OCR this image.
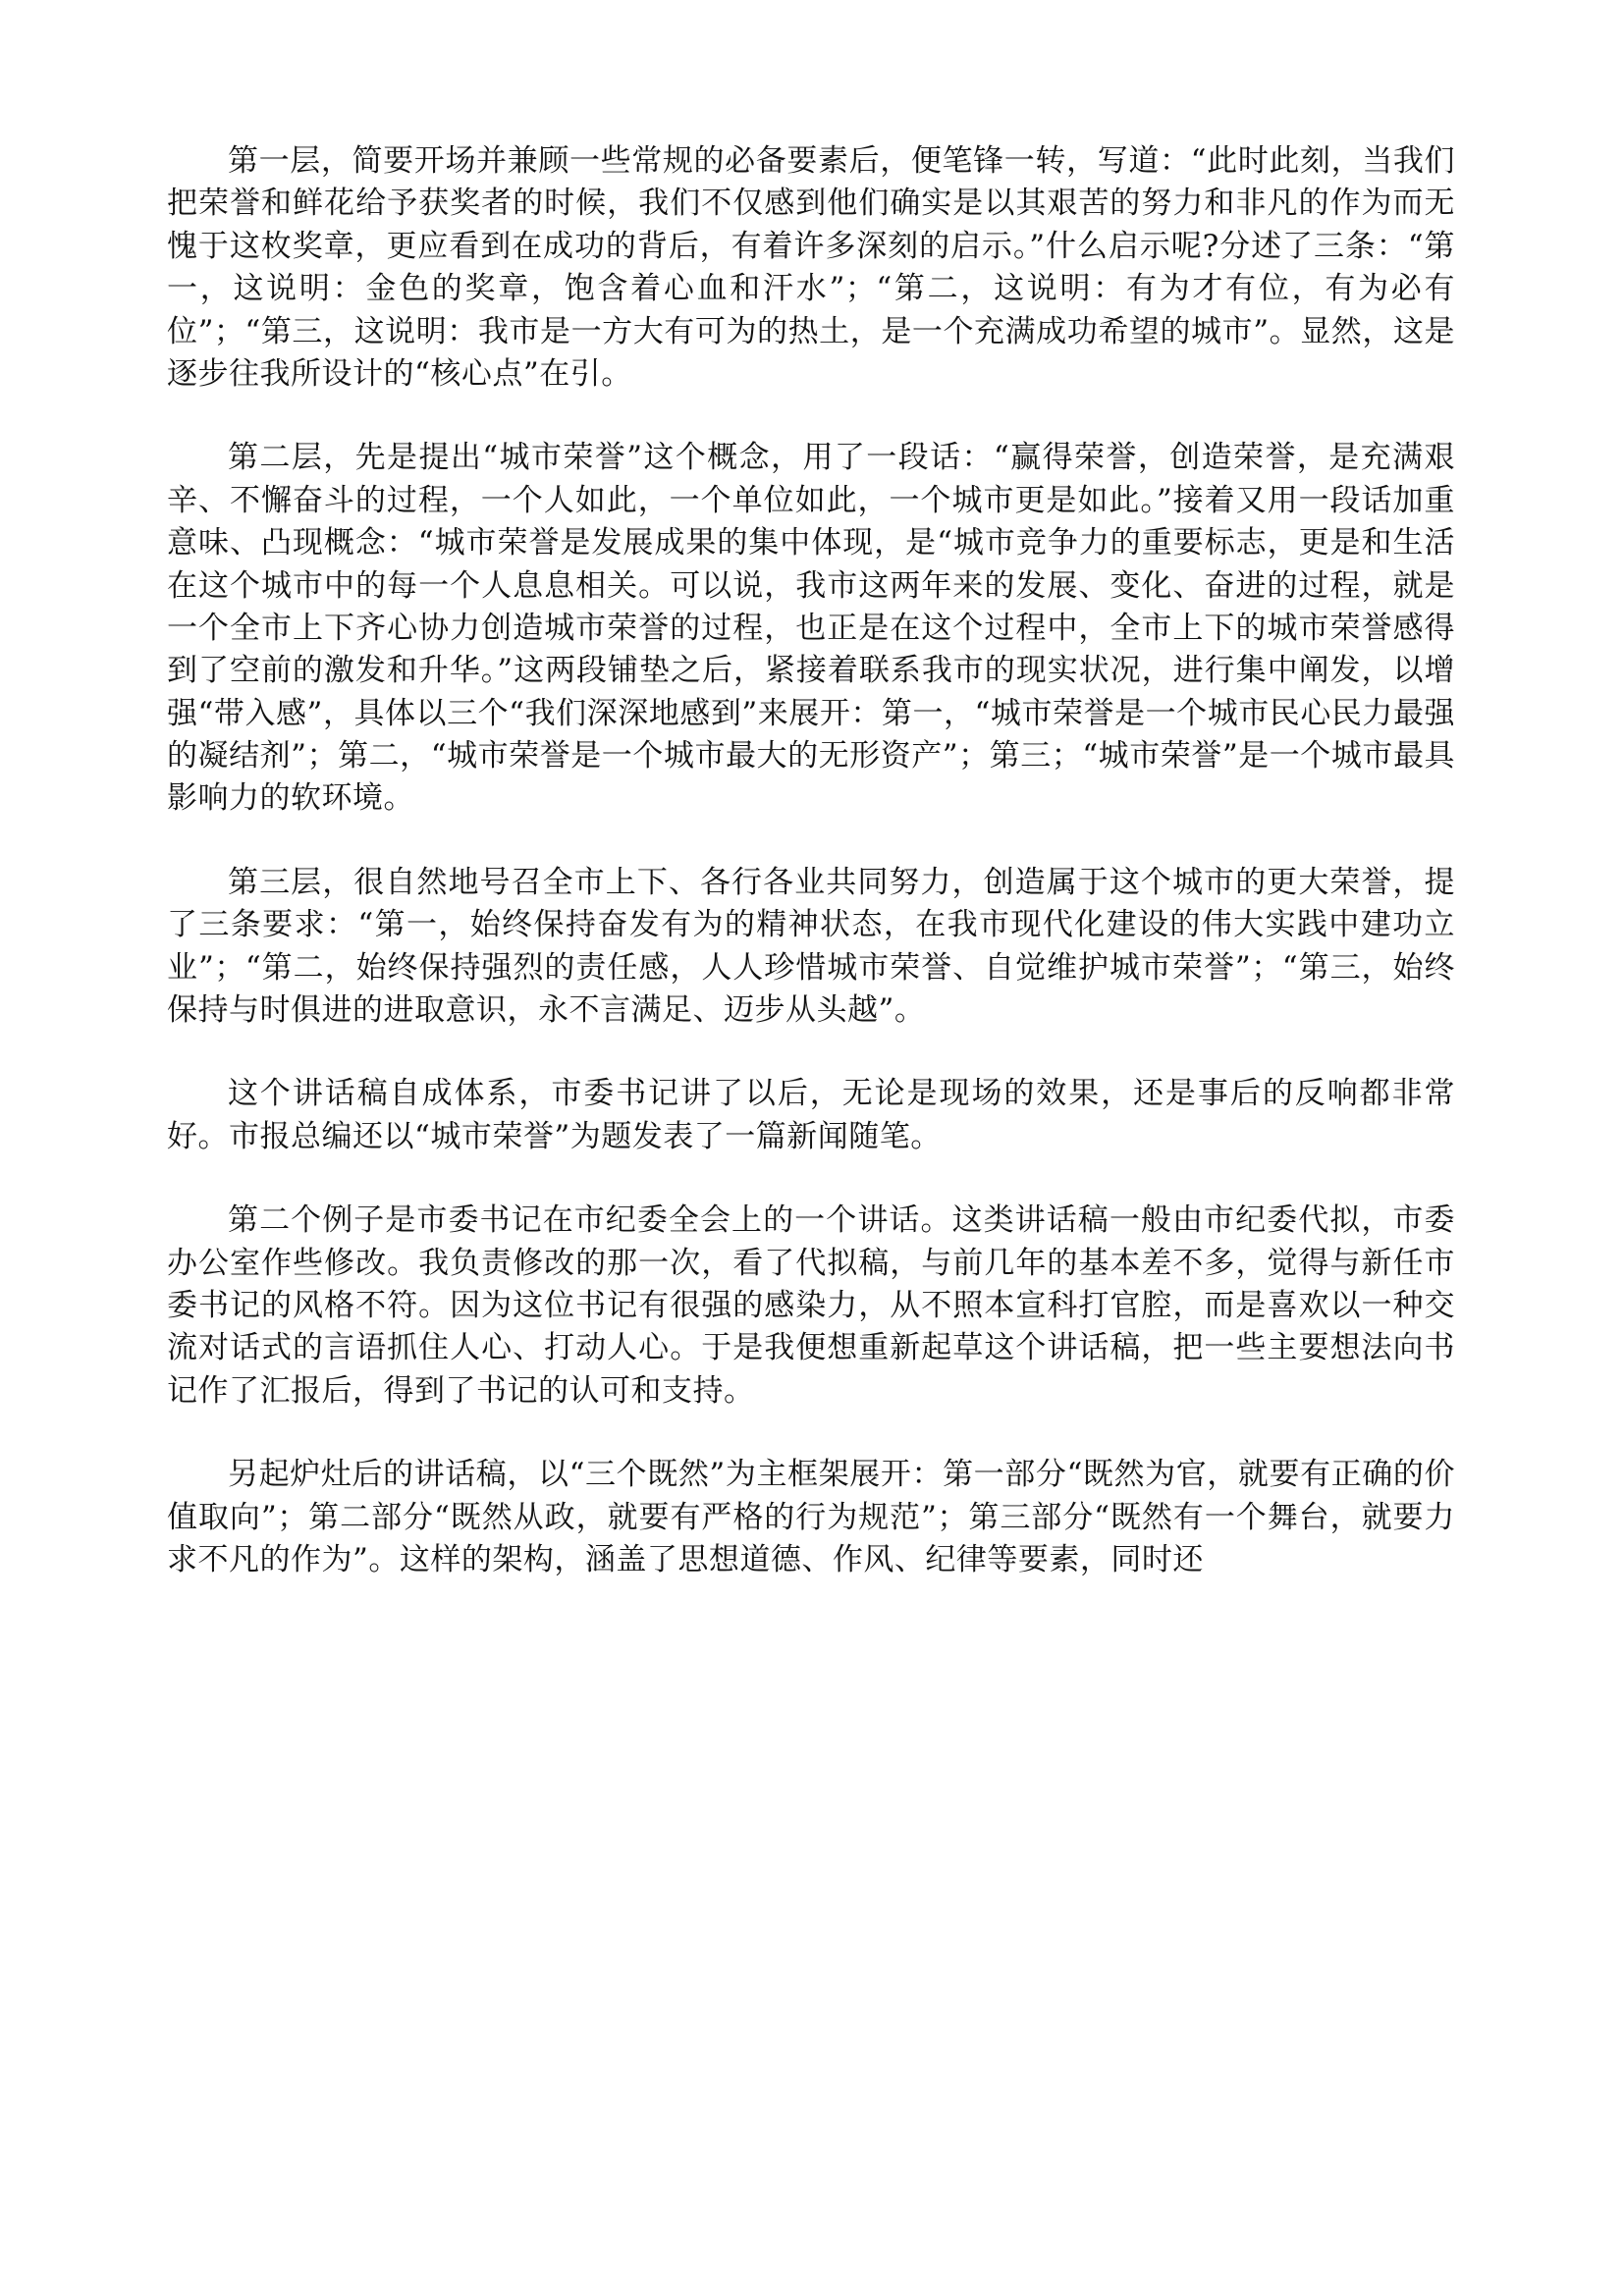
第一层，简要开场并兼顾一些常规的必备要素后，便笔锋一转，写道：“此时此刻，当我们把荣誉和鲜花给予获奖者的时候，我们不仅感到他们确实是以其艰苦的努力和非凡的作为而无愧于这枚奖章，更应看到在成功的背后，有着许多深刻的启示。”什么启示呢?分述了三条：“第一，这说明：金色的奖章，饱含着心血和汗水”；“第二，这说明：有为才有位，有为必有位”；“第三，这说明：我市是一方大有可为的热土，是一个充满成功希望的城市”。显然，这是逐步往我所设计的“核心点”在引。

第二层，先是提出“城市荣誉”这个概念，用了一段话：“赢得荣誉，创造荣誉，是充满艰辛、不懈奋斗的过程，一个人如此，一个单位如此，一个城市更是如此。”接着又用一段话加重意味、凸现概念：“城市荣誉是发展成果的集中体现，是“城市竞争力的重要标志，更是和生活在这个城市中的每一个人息息相关。可以说，我市这两年来的发展、变化、奋进的过程，就是一个全市上下齐心协力创造城市荣誉的过程，也正是在这个过程中，全市上下的城市荣誉感得到了空前的激发和升华。”这两段铺垫之后，紧接着联系我市的现实状况，进行集中阐发，以增强“带入感”，具体以三个“我们深深地感到”来展开：第一，“城市荣誉是一个城市民心民力最强的凝结剂”；第二，“城市荣誉是一个城市最大的无形资产”；第三；“城市荣誉”是一个城市最具影响力的软环境。

第三层，很自然地号召全市上下、各行各业共同努力，创造属于这个城市的更大荣誉，提了三条要求：“第一，始终保持奋发有为的精神状态，在我市现代化建设的伟大实践中建功立业”；“第二，始终保持强烈的责任感，人人珍惜城市荣誉、自觉维护城市荣誉”；“第三，始终保持与时俱进的进取意识，永不言满足、迈步从头越”。

这个讲话稿自成体系，市委书记讲了以后，无论是现场的效果，还是事后的反响都非常好。市报总编还以“城市荣誉”为题发表了一篇新闻随笔。

第二个例子是市委书记在市纪委全会上的一个讲话。这类讲话稿一般由市纪委代拟，市委办公室作些修改。我负责修改的那一次，看了代拟稿，与前几年的基本差不多，觉得与新任市委书记的风格不符。因为这位书记有很强的感染力，从不照本宣科打官腔，而是喜欢以一种交流对话式的言语抓住人心、打动人心。于是我便想重新起草这个讲话稿，把一些主要想法向书记作了汇报后，得到了书记的认可和支持。

另起炉灶后的讲话稿，以“三个既然”为主框架展开：第一部分“既然为官，就要有正确的价值取向”；第二部分“既然从政，就要有严格的行为规范”；第三部分“既然有一个舞台，就要力求不凡的作为”。这样的架构，涵盖了思想道德、作风、纪律等要素，同时还
